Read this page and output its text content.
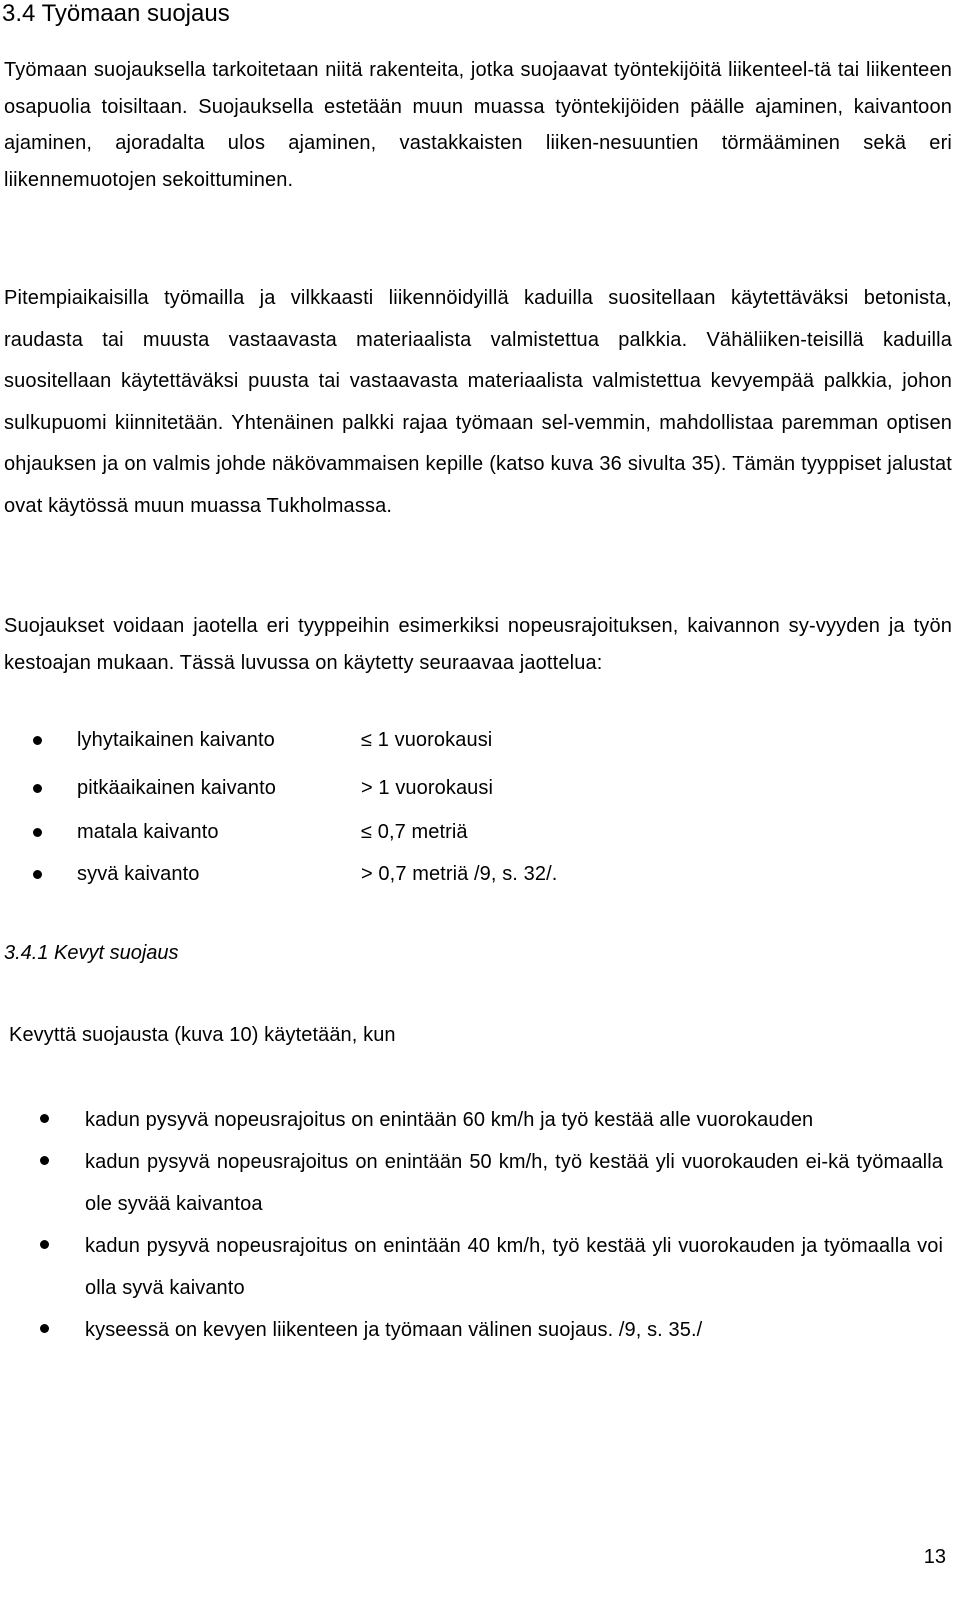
3.4 Työmaan suojaus

Työmaan suojauksella tarkoitetaan niitä rakenteita, jotka suojaavat työntekijöitä liikenteel-tä tai liikenteen osapuolia toisiltaan. Suojauksella estetään muun muassa työntekijöiden päälle ajaminen, kaivantoon ajaminen, ajoradalta ulos ajaminen, vastakkaisten liiken-nesuuntien törmääminen sekä eri liikennemuotojen sekoittuminen.

Pitempiaikaisilla työmailla ja vilkkaasti liikennöidyillä kaduilla suositellaan käytettäväksi betonista, raudasta tai muusta vastaavasta materiaalista valmistettua palkkia. Vähäliiken-teisillä kaduilla suositellaan käytettäväksi puusta tai vastaavasta materiaalista valmistettua kevyempää palkkia, johon sulkupuomi kiinnitetään. Yhtenäinen palkki rajaa työmaan sel-vemmin, mahdollistaa paremman optisen ohjauksen ja on valmis johde näkövammaisen kepille (katso kuva 36 sivulta 35). Tämän tyyppiset jalustat ovat käytössä muun muassa Tukholmassa.

Suojaukset voidaan jaotella eri tyyppeihin esimerkiksi nopeusrajoituksen, kaivannon sy-vyyden ja työn kestoajan mukaan. Tässä luvussa on käytetty seuraavaa jaottelua:

lyhytaikainen kaivanto	≤ 1 vuorokausi
pitkäaikainen kaivanto	> 1 vuorokausi
matala kaivanto	≤ 0,7 metriä
syvä kaivanto	> 0,7 metriä /9, s. 32/.
3.4.1 Kevyt suojaus

Kevyttä suojausta (kuva 10) käytetään, kun

kadun pysyvä nopeusrajoitus on enintään 60 km/h ja työ kestää alle vuorokauden
kadun pysyvä nopeusrajoitus on enintään 50 km/h, työ kestää yli vuorokauden ei-kä työmaalla ole syvää kaivantoa
kadun pysyvä nopeusrajoitus on enintään 40 km/h, työ kestää yli vuorokauden ja työmaalla voi olla syvä kaivanto
kyseessä on kevyen liikenteen ja työmaan välinen suojaus. /9, s. 35./

13
